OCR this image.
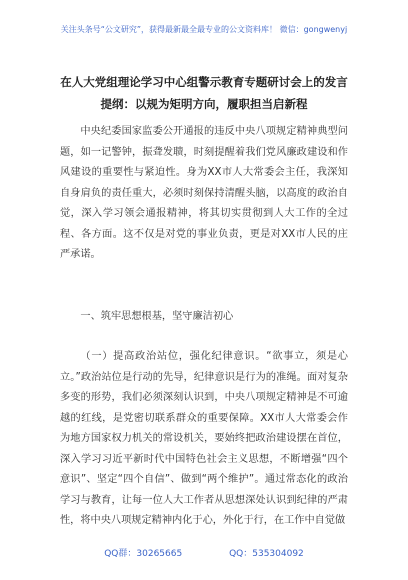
关注头条号“公文研究”，获得最新最全最专业的公文资料库！ 微信：gongwenyj
在人大党组理论学习中心组警示教育专题研讨会上的发言
提纲：以规为矩明方向，履职担当启新程
中央纪委国家监委公开通报的违反中央八项规定精神典型问题，如一记警钟，振聋发聩，时刻提醒着我们党风廉政建设和作风建设的重要性与紧迫性。身为XX市人大常委会主任，我深知自身肩负的责任重大，必须时刻保持清醒头脑，以高度的政治自觉，深入学习领会通报精神，将其切实贯彻到人大工作的全过程、各方面。这不仅是对党的事业负责，更是对XX市人民的庄严承诺。
一、筑牢思想根基，坚守廉洁初心
（一）提高政治站位，强化纪律意识。“欲事立，须是心立。”政治站位是行动的先导，纪律意识是行为的准绳。面对复杂多变的形势，我们必须深刻认识到，中央八项规定精神是不可逾越的红线，是党密切联系群众的重要保障。XX市人大常委会作为地方国家权力机关的常设机关，要始终把政治建设摆在首位，深入学习习近平新时代中国特色社会主义思想，不断增强“四个意识”、坚定“四个自信”、做到“两个维护”。通过常态化的政治学习与教育，让每一位人大工作者从思想深处认识到纪律的严肃性，将中央八项规定精神内化于心，外化于行，在工作中自觉做
QQ群：30265665	QQ：535304092
